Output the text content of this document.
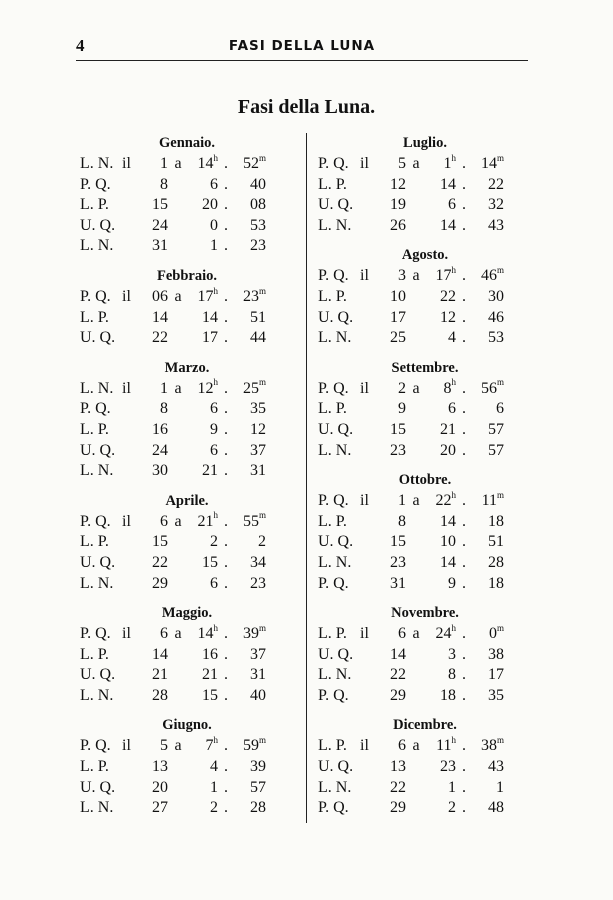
4	FASI DELLA LUNA
Fasi della Luna.
Gennaio.
L. N. il	1 a 14$^h$ . 52$^m$
P. Q.	8	6 .	40
L. P.	15	20 .	08
U. Q.	24	0 .	53
L. N.	31	1 .	23
Febbraio.
P. Q. il	06 a 17$^h$ . 23$^m$
L. P.	14	14 .	51
U. Q.	22	17 .	44
Marzo.
L. N. il	1 a 12$^h$ . 25$^m$
P. Q.	8	6 .	35
L. P.	16	9 .	12
U. Q.	24	6 .	37
L. N.	30	21 .	31
Aprile.
P. Q. il	6 a 21$^h$ . 55$^m$
L. P.	15	2 .	2
U. Q.	22	15 .	34
L. N.	29	6 .	23
Maggio.
P. Q. il	6 a 14$^h$ . 39$^m$
L. P.	14	16 .	37
U. Q.	21	21 .	31
L. N.	28	15 .	40
Giugno.
P. Q. il	5 a	7$^h$ . 59$^m$
L. P.	13	4 .	39
U. Q.	20	1 .	57
L. N.	27	2 .	28
Luglio.
P. Q. il	5 a	1$^h$ . 14$^m$
L. P.	12	14 .	22
U. Q.	19	6 .	32
L. N.	26	14 .	43
Agosto.
P. Q. il	3 a 17$^h$ . 46$^m$
L. P.	10	22 .	30
U. Q.	17	12 .	46
L. N.	25	4 .	53
Settembre.
P. Q. il	2 a	8$^h$ . 56$^m$
L. P.	9	6 .	6
U. Q.	15	21 .	57
L. N.	23	20 .	57
Ottobre.
P. Q. il	1 a 22$^h$ . 11$^m$
L. P.	8	14 .	18
U. Q.	15	10 .	51
L. N.	23	14 .	28
P. Q.	31	9 .	18
Novembre.
L. P. il	6 a 24$^h$ .	0$^m$
U. Q.	14	3 .	38
L. N.	22	8 .	17
P. Q.	29	18 .	35
Dicembre.
L. P. il	6 a	11$^h$ . 38$^m$
U. Q.	13	23 .	43
L. N.	22	1 .	1
P. Q.	29	2 .	48
